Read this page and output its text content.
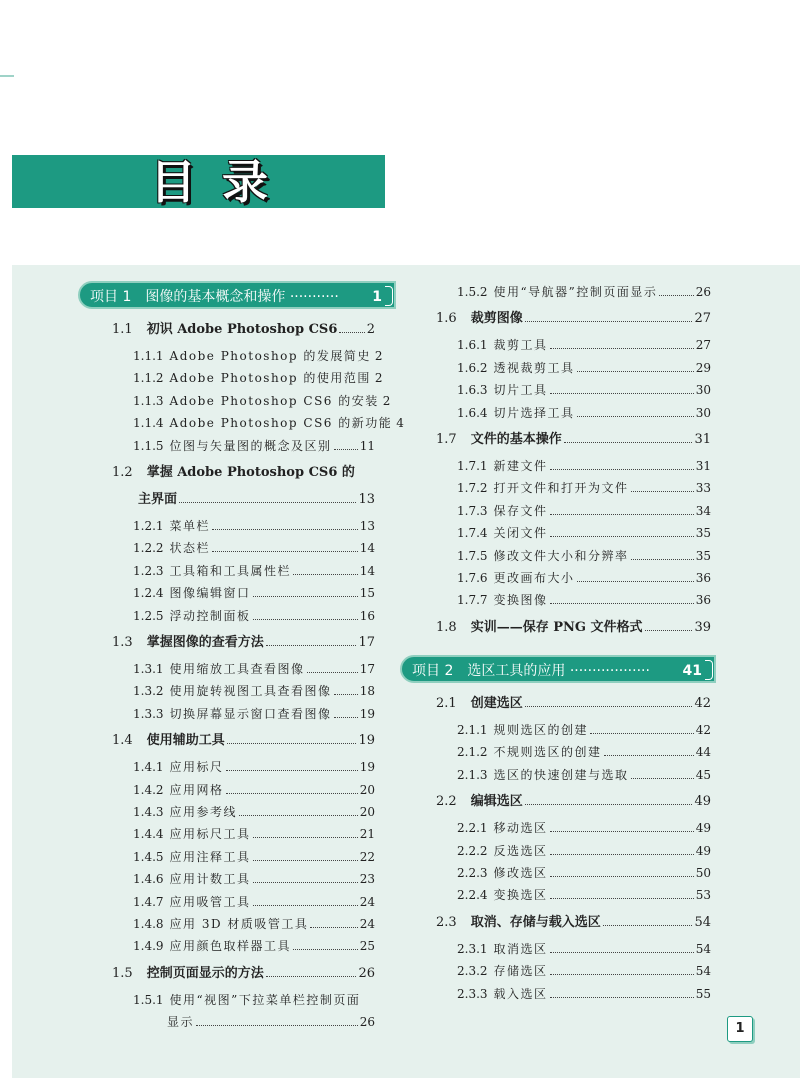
目录
项目 1　图像的基本概念和操作 ··········· 1
1.1 初识 Adobe Photoshop CS6 2
1.1.1 Adobe Photoshop 的发展简史 2
1.1.2 Adobe Photoshop 的使用范围 2
1.1.3 Adobe Photoshop CS6 的安装 2
1.1.4 Adobe Photoshop CS6 的新功能 4
1.1.5 位图与矢量图的概念及区别 11
1.2 掌握 Adobe Photoshop CS6 的
主界面	13
1.2.1 菜单栏	13
1.2.2 状态栏	14
1.2.3 工具箱和工具属性栏	14
1.2.4 图像编辑窗口	15
1.2.5 浮动控制面板	16
1.3 掌握图像的查看方法	17
1.3.1 使用缩放工具查看图像	17
1.3.2 使用旋转视图工具查看图像 18
1.3.3 切换屏幕显示窗口查看图像 19
1.4 使用辅助工具	19
1.4.1 应用标尺	19
1.4.2 应用网格	20
1.4.3 应用参考线	20
1.4.4 应用标尺工具	21
1.4.5 应用注释工具	22
1.4.6 应用计数工具	23
1.4.7 应用吸管工具	24
1.4.8 应用 3D 材质吸管工具	24
1.4.9 应用颜色取样器工具	25
1.5 控制页面显示的方法	26
1.5.1 使用“视图”下拉菜单栏控制页面
显示	26
项目 2　选区工具的应用 ·················· 41
1.5.2 使用“导航器”控制页面显示	26
1.6 裁剪图像	27
1.6.1 裁剪工具	27
1.6.2 透视裁剪工具	29
1.6.3 切片工具	30
1.6.4 切片选择工具	30
1.7 文件的基本操作	31
1.7.1 新建文件	31
1.7.2 打开文件和打开为文件	33
1.7.3 保存文件	34
1.7.4 关闭文件	35
1.7.5 修改文件大小和分辨率	35
1.7.6 更改画布大小	36
1.7.7 变换图像	36
1.8 实训——保存 PNG 文件格式	39
2.1 创建选区	42
2.1.1 规则选区的创建	42
2.1.2 不规则选区的创建	44
2.1.3 选区的快速创建与选取	45
2.2 编辑选区	49
2.2.1 移动选区	49
2.2.2 反选选区	49
2.2.3 修改选区	50
2.2.4 变换选区	53
2.3 取消、存储与载入选区	54
2.3.1 取消选区	54
2.3.2 存储选区	54
2.3.3 载入选区	55
1
